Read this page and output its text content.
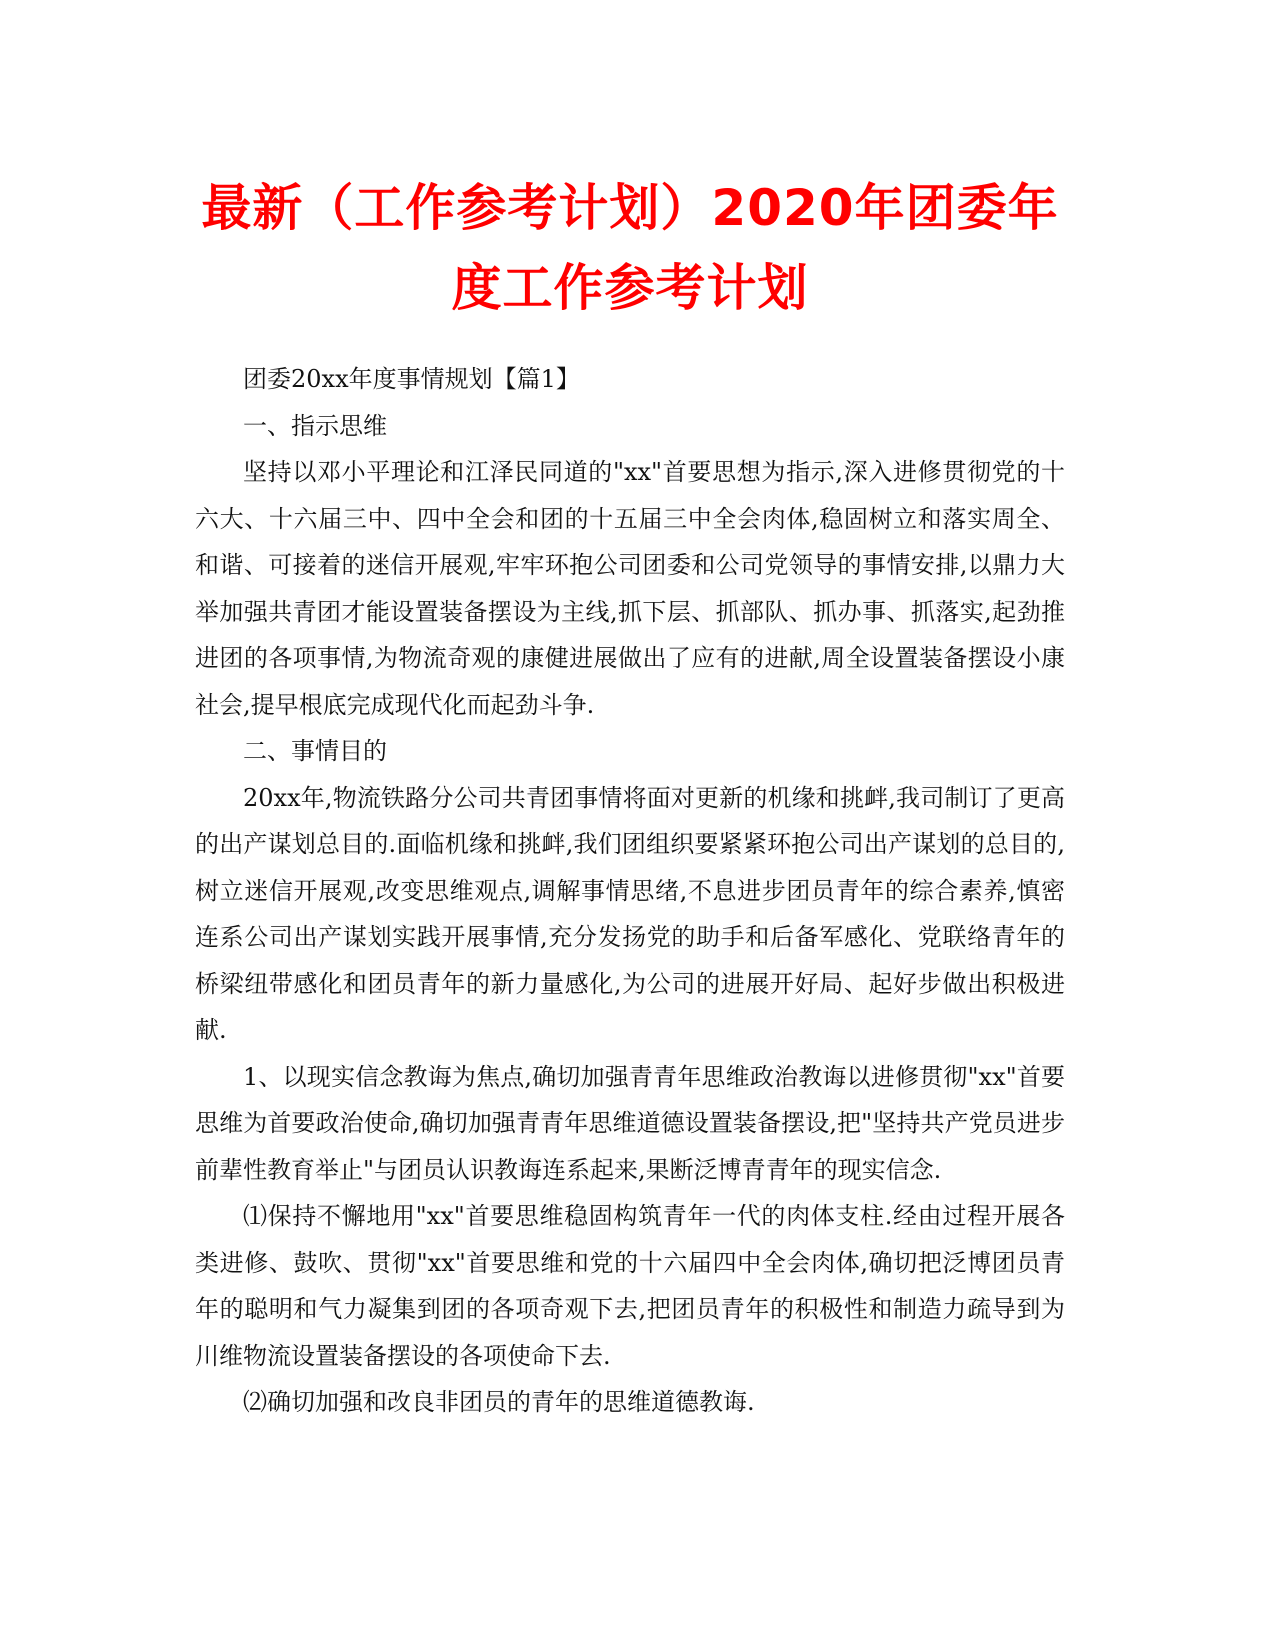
最新（工作参考计划）2020年团委年度工作参考计划

团委20xx年度事情规划【篇1】

一、指示思维

坚持以邓小平理论和江泽民同道的"xx"首要思想为指示,深入进修贯彻党的十六大、十六届三中、四中全会和团的十五届三中全会肉体,稳固树立和落实周全、和谐、可接着的迷信开展观,牢牢环抱公司团委和公司党领导的事情安排,以鼎力大举加强共青团才能设置装备摆设为主线,抓下层、抓部队、抓办事、抓落实,起劲推进团的各项事情,为物流奇观的康健进展做出了应有的进献,周全设置装备摆设小康社会,提早根底完成现代化而起劲斗争.

二、事情目的

20xx年,物流铁路分公司共青团事情将面对更新的机缘和挑衅,我司制订了更高的出产谋划总目的.面临机缘和挑衅,我们团组织要紧紧环抱公司出产谋划的总目的,树立迷信开展观,改变思维观点,调解事情思绪,不息进步团员青年的综合素养,慎密连系公司出产谋划实践开展事情,充分发扬党的助手和后备军感化、党联络青年的桥梁纽带感化和团员青年的新力量感化,为公司的进展开好局、起好步做出积极进献.

1、以现实信念教诲为焦点,确切加强青青年思维政治教诲以进修贯彻"xx"首要思维为首要政治使命,确切加强青青年思维道德设置装备摆设,把"坚持共产党员进步前辈性教育举止"与团员认识教诲连系起来,果断泛博青青年的现实信念.

⑴保持不懈地用"xx"首要思维稳固构筑青年一代的肉体支柱.经由过程开展各类进修、鼓吹、贯彻"xx"首要思维和党的十六届四中全会肉体,确切把泛博团员青年的聪明和气力凝集到团的各项奇观下去,把团员青年的积极性和制造力疏导到为川维物流设置装备摆设的各项使命下去.

⑵确切加强和改良非团员的青年的思维道德教诲.
